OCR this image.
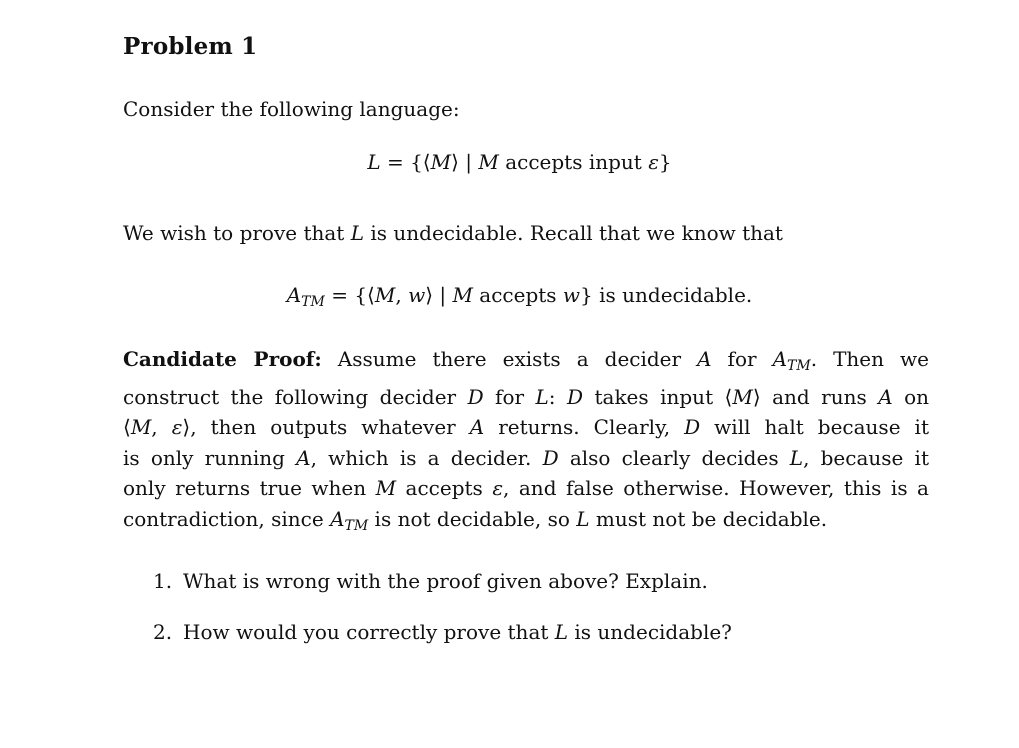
Problem 1
Consider the following language:
L = {⟨M⟩ | M accepts input ε}
We wish to prove that L is undecidable. Recall that we know that
$A_{TM}$ = {⟨M, w⟩ | M accepts w} is undecidable.
Candidate Proof: Assume there exists a decider A for $A_{TM}$. Then we
construct the following decider D for L: D takes input ⟨M⟩ and runs A on
⟨M, ε⟩, then outputs whatever A returns. Clearly, D will halt because it
is only running A, which is a decider. D also clearly decides L, because it
only returns true when M accepts ε, and false otherwise. However, this is a
contradiction, since $A_{TM}$ is not decidable, so L must not be decidable.
1. What is wrong with the proof given above? Explain.
2. How would you correctly prove that L is undecidable?
